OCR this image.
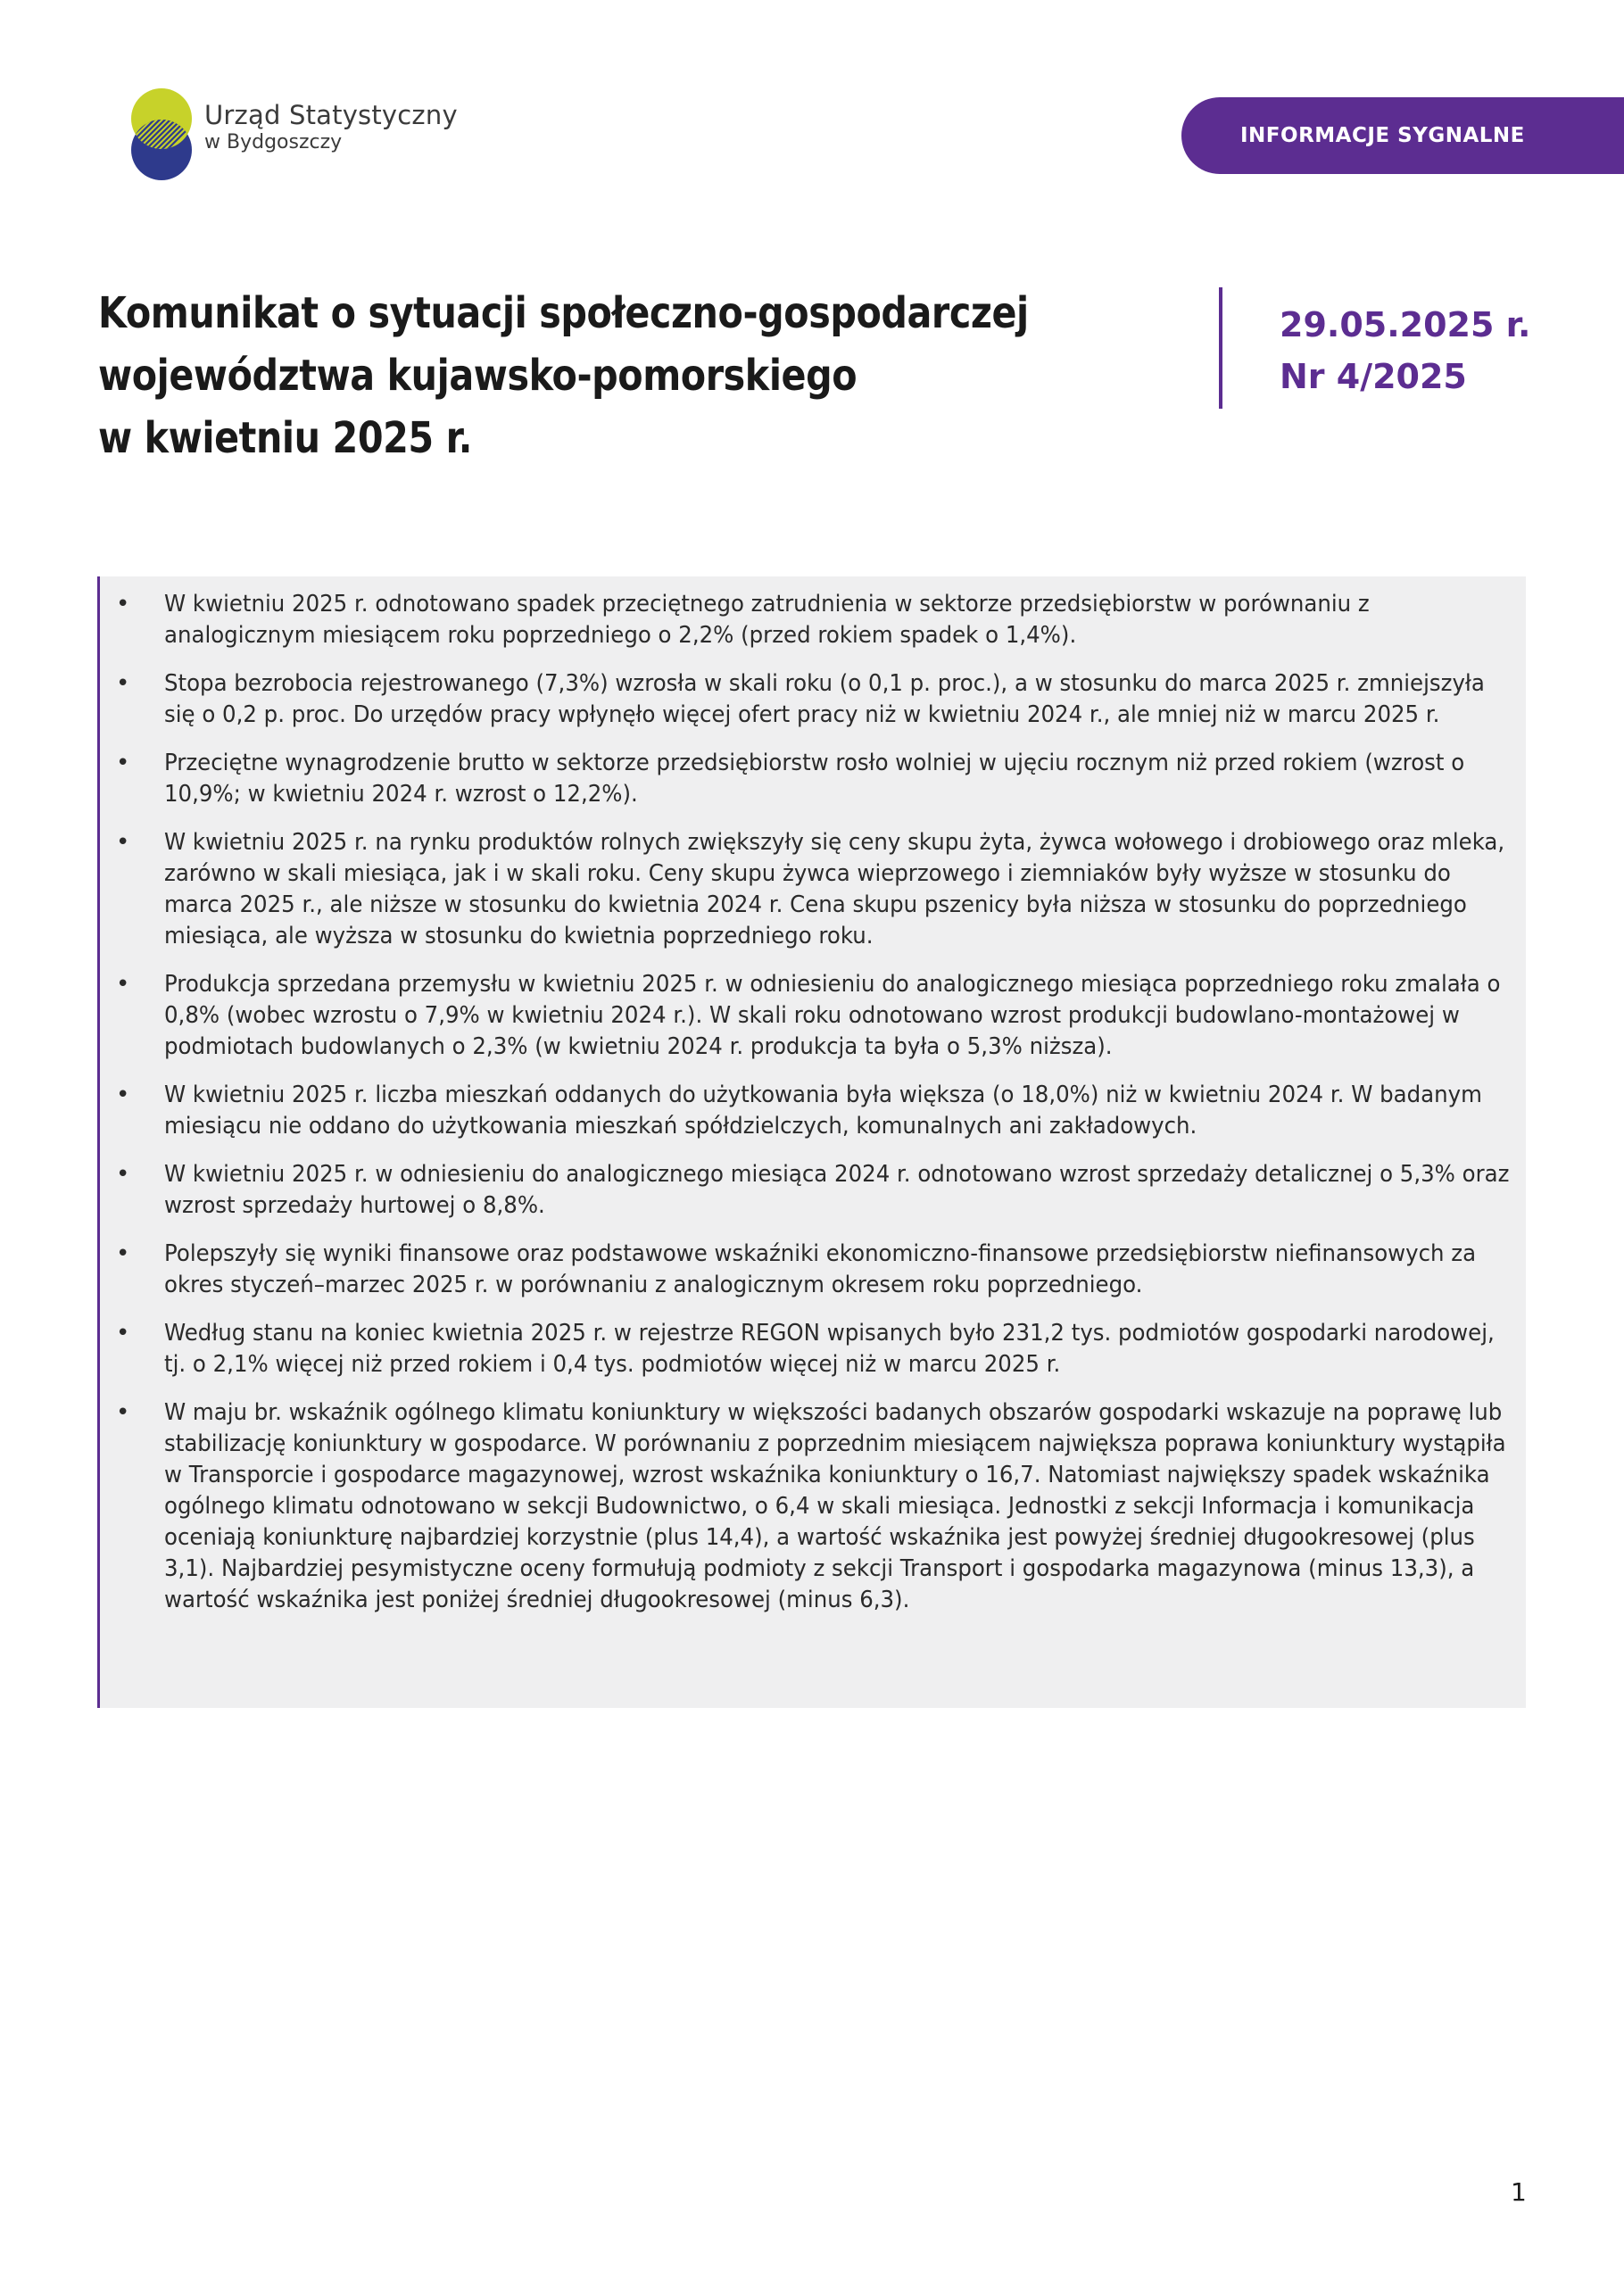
Urząd Statystyczny
w Bydgoszczy	INFORMACJE SYGNALNE
Komunikat o sytuacji społeczno-gospodarczej
województwa kujawsko-pomorskiego
w kwietniu 2025 r.
29.05.2025 r.
Nr 4/2025
• W kwietniu 2025 r. odnotowano spadek przeciętnego zatrudnienia w sektorze przedsiębiorstw w porównaniu z analogicznym miesiącem roku poprzedniego o 2,2% (przed rokiem spadek o 1,4%).
• Stopa bezrobocia rejestrowanego (7,3%) wzrosła w skali roku (o 0,1 p. proc.), a w stosunku do marca 2025 r. zmniejszyła się o 0,2 p. proc. Do urzędów pracy wpłynęło więcej ofert pracy niż w kwietniu 2024 r., ale mniej niż w marcu 2025 r.
• Przeciętne wynagrodzenie brutto w sektorze przedsiębiorstw rosło wolniej w ujęciu rocznym niż przed rokiem (wzrost o 10,9%; w kwietniu 2024 r. wzrost o 12,2%).
• W kwietniu 2025 r. na rynku produktów rolnych zwiększyły się ceny skupu żyta, żywca wołowego i drobiowego oraz mleka, zarówno w skali miesiąca, jak i w skali roku. Ceny skupu żywca wieprzowego i ziemniaków były wyższe w stosunku do marca 2025 r., ale niższe w stosunku do kwietnia 2024 r. Cena skupu pszenicy była niższa w stosunku do poprzedniego miesiąca, ale wyższa w stosunku do kwietnia poprzedniego roku.
• Produkcja sprzedana przemysłu w kwietniu 2025 r. w odniesieniu do analogicznego miesiąca poprzedniego roku zmalała o 0,8% (wobec wzrostu o 7,9% w kwietniu 2024 r.). W skali roku odnotowano wzrost produkcji budowlano-montażowej w podmiotach budowlanych o 2,3% (w kwietniu 2024 r. produkcja ta była o 5,3% niższa).
• W kwietniu 2025 r. liczba mieszkań oddanych do użytkowania była większa (o 18,0%) niż w kwietniu 2024 r. W badanym miesiącu nie oddano do użytkowania mieszkań spółdzielczych, komunalnych ani zakładowych.
• W kwietniu 2025 r. w odniesieniu do analogicznego miesiąca 2024 r. odnotowano wzrost sprzedaży detalicznej o 5,3% oraz wzrost sprzedaży hurtowej o 8,8%.
• Polepszyły się wyniki finansowe oraz podstawowe wskaźniki ekonomiczno-finansowe przedsiębiorstw niefinansowych za okres styczeń–marzec 2025 r. w porównaniu z analogicznym okresem roku poprzedniego.
• Według stanu na koniec kwietnia 2025 r. w rejestrze REGON wpisanych było 231,2 tys. podmiotów gospodarki narodowej, tj. o 2,1% więcej niż przed rokiem i 0,4 tys. podmiotów więcej niż w marcu 2025 r.
• W maju br. wskaźnik ogólnego klimatu koniunktury w większości badanych obszarów gospodarki wskazuje na poprawę lub stabilizację koniunktury w gospodarce. W porównaniu z poprzednim miesiącem największa poprawa koniunktury wystąpiła w Transporcie i gospodarce magazynowej, wzrost wskaźnika koniunktury o 16,7. Natomiast największy spadek wskaźnika ogólnego klimatu odnotowano w sekcji Budownictwo, o 6,4 w skali miesiąca. Jednostki z sekcji Informacja i komunikacja oceniają koniunkturę najbardziej korzystnie (plus 14,4), a wartość wskaźnika jest powyżej średniej długookresowej (plus 3,1). Najbardziej pesymistyczne oceny formułują podmioty z sekcji Transport i gospodarka magazynowa (minus 13,3), a wartość wskaźnika jest poniżej średniej długookresowej (minus 6,3).
1
